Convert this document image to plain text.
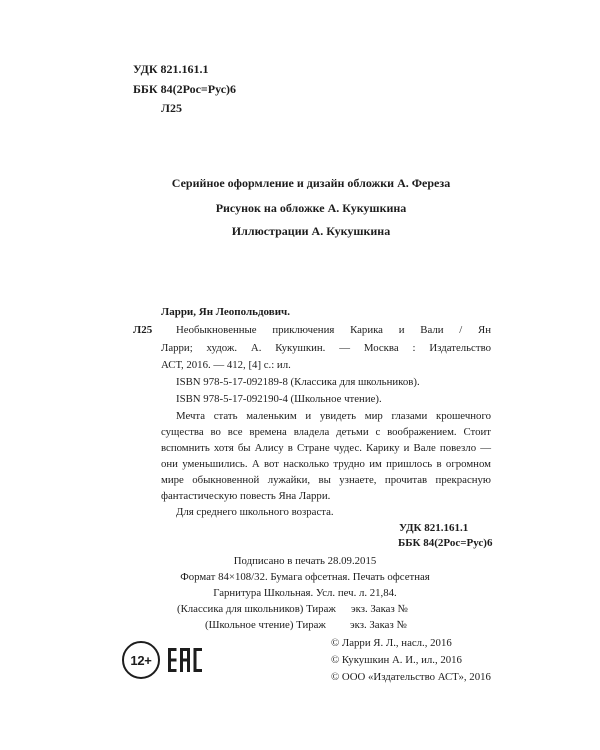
УДК 821.161.1
ББК 84(2Рос=Рус)6
Л25
Серийное оформление и дизайн обложки А. Фереза
Рисунок на обложке А. Кукушкина
Иллюстрации А. Кукушкина
Ларри, Ян Леопольдович.
Л25 Необыкновенные приключения Карика и Вали / Ян
Ларри; худож. А. Кукушкин. — Москва : Издательство
АСТ, 2016. — 412, [4] с.: ил.
ISBN 978-5-17-092189-8 (Классика для школьников).
ISBN 978-5-17-092190-4 (Школьное чтение).
Мечта стать маленьким и увидеть мир глазами крошечного
существа во все времена владела детьми с воображением. Стоит
вспомнить хотя бы Алису в Стране чудес. Карику и Вале повезло —
они уменьшились. А вот насколько трудно им пришлось в огромном
мире обыкновенной лужайки, вы узнаете, прочитав прекрасную
фантастическую повесть Яна Ларри.
Для среднего школьного возраста.
УДК 821.161.1
ББК 84(2Рос=Рус)6
Подписано в печать 28.09.2015
Формат 84×108/32. Бумага офсетная. Печать офсетная
Гарнитура Школьная. Усл. печ. л. 21,84.
(Классика для школьников) Тираж экз. Заказ №
(Школьное чтение) Тираж экз. Заказ №
12+
© Ларри Я. Л., насл., 2016
© Кукушкин А. И., ил., 2016
© ООО «Издательство АСТ», 2016
